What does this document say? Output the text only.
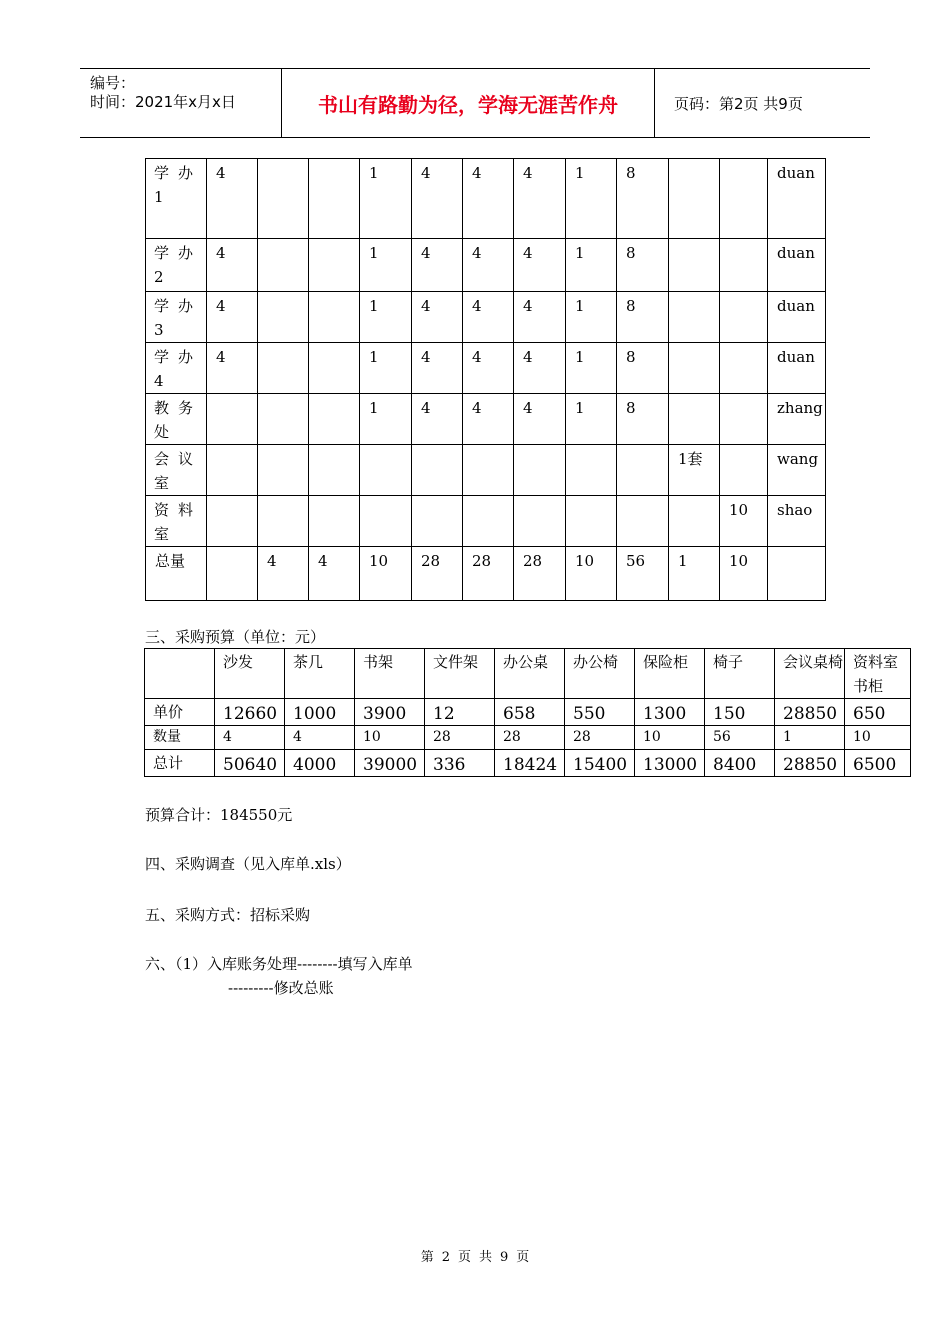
编号：
时间：2021年x月x日	书山有路勤为径，学海无涯苦作舟	页码：第2页 共9页
学办1	4			1	4	4	4	1	8			duan
学办2	4			1	4	4	4	1	8			duan
学办3	4			1	4	4	4	1	8			duan
学办4	4			1	4	4	4	1	8			duan
教务处				1	4	4	4	1	8			zhang
会议室										1套		wang
资料室											10	shao
总量		4	4	10	28	28	28	10	56	1	10	
三、采购预算（单位：元）
	沙发	茶几	书架	文件架	办公桌	办公椅	保险柜	椅子	会议桌椅	资料室书柜
单价	12660	1000	3900	12	658	550	1300	150	28850	650
数量	4	4	10	28	28	28	10	56	1	10
总计	50640	4000	39000	336	18424	15400	13000	8400	28850	6500
预算合计：184550元
四、采购调查（见入库单.xls）
五、采购方式：招标采购
六、（1）入库账务处理--------填写入库单
---------修改总账
第 2 页 共 9 页
